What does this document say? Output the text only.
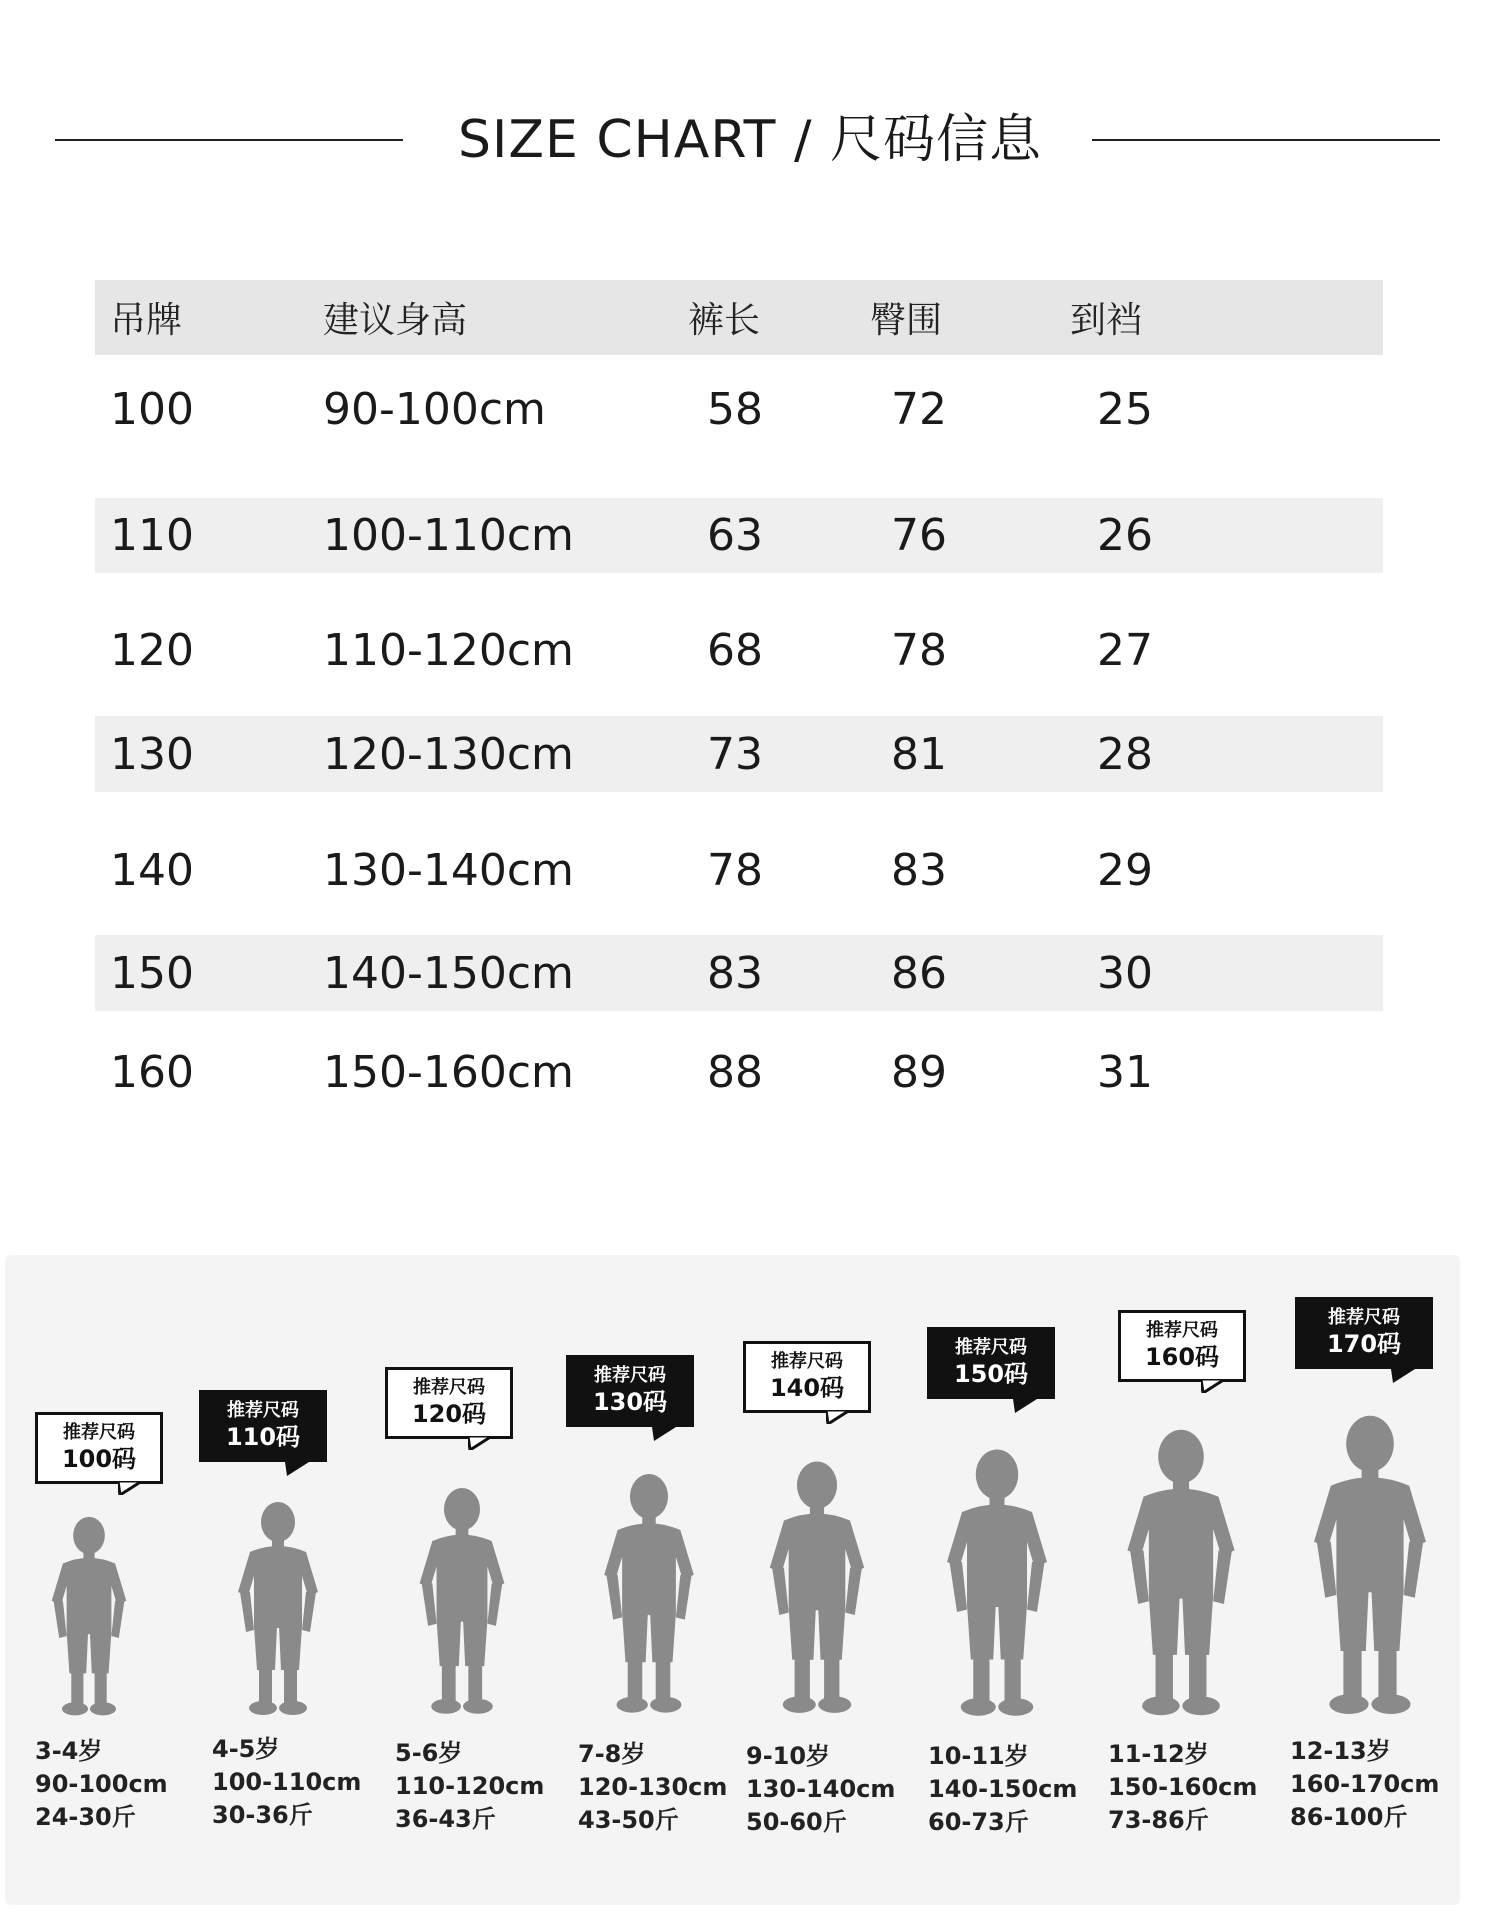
SIZE CHART / 尺码信息
吊牌	建议身高	裤长	臀围	到裆
100	90-100cm	58	72	25
110	100-110cm	63	76	26
120	110-120cm	68	78	27
130	120-130cm	73	81	28
140	130-140cm	78	83	29
150	140-150cm	83	86	30
160	150-160cm	88	89	31
推荐尺码
100码
3-4岁
90-100cm
24-30斤
推荐尺码
110码
4-5岁
100-110cm
30-36斤
推荐尺码
120码
5-6岁
110-120cm
36-43斤
推荐尺码
130码
7-8岁
120-130cm
43-50斤
推荐尺码
140码
9-10岁
130-140cm
50-60斤
推荐尺码
150码
10-11岁
140-150cm
60-73斤
推荐尺码
160码
11-12岁
150-160cm
73-86斤
推荐尺码
170码
12-13岁
160-170cm
86-100斤
